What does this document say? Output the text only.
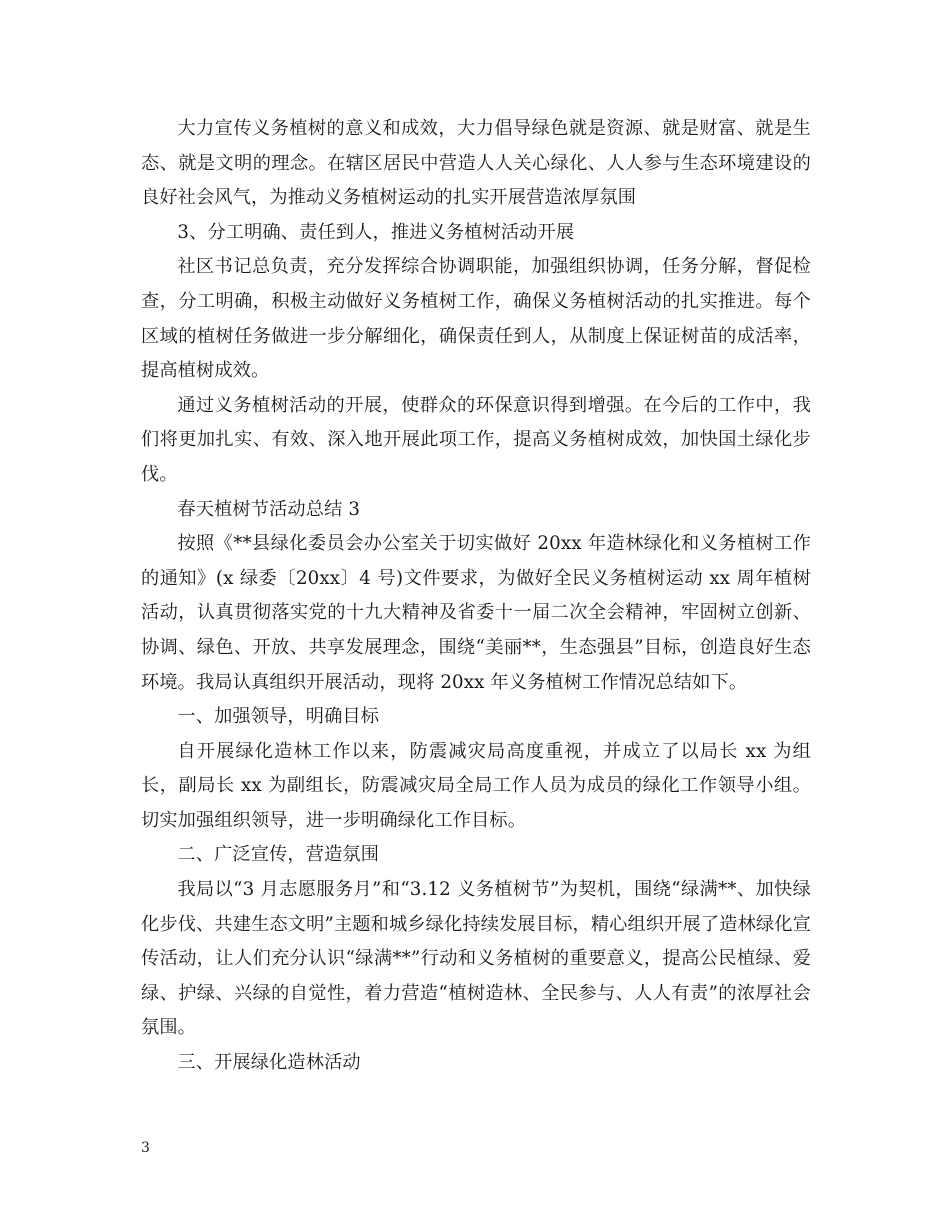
大力宣传义务植树的意义和成效，大力倡导绿色就是资源、就是财富、就是生态、就是文明的理念。在辖区居民中营造人人关心绿化、人人参与生态环境建设的良好社会风气，为推动义务植树运动的扎实开展营造浓厚氛围

3、分工明确、责任到人，推进义务植树活动开展

社区书记总负责，充分发挥综合协调职能，加强组织协调，任务分解，督促检查，分工明确，积极主动做好义务植树工作，确保义务植树活动的扎实推进。每个区域的植树任务做进一步分解细化，确保责任到人，从制度上保证树苗的成活率，提高植树成效。

通过义务植树活动的开展，使群众的环保意识得到增强。在今后的工作中，我们将更加扎实、有效、深入地开展此项工作，提高义务植树成效，加快国土绿化步伐。

春天植树节活动总结 3

按照《**县绿化委员会办公室关于切实做好 20xx 年造林绿化和义务植树工作的通知》(x 绿委〔20xx〕4 号)文件要求，为做好全民义务植树运动 xx 周年植树活动，认真贯彻落实党的十九大精神及省委十一届二次全会精神，牢固树立创新、协调、绿色、开放、共享发展理念，围绕“美丽**，生态强县”目标，创造良好生态环境。我局认真组织开展活动，现将 20xx 年义务植树工作情况总结如下。

一、加强领导，明确目标

自开展绿化造林工作以来，防震减灾局高度重视，并成立了以局长 xx 为组长，副局长 xx 为副组长，防震减灾局全局工作人员为成员的绿化工作领导小组。切实加强组织领导，进一步明确绿化工作目标。

二、广泛宣传，营造氛围

我局以“3 月志愿服务月”和“3.12 义务植树节”为契机，围绕“绿满**、加快绿化步伐、共建生态文明”主题和城乡绿化持续发展目标，精心组织开展了造林绿化宣传活动，让人们充分认识“绿满**”行动和义务植树的重要意义，提高公民植绿、爱绿、护绿、兴绿的自觉性，着力营造“植树造林、全民参与、人人有责”的浓厚社会氛围。

三、开展绿化造林活动

3
